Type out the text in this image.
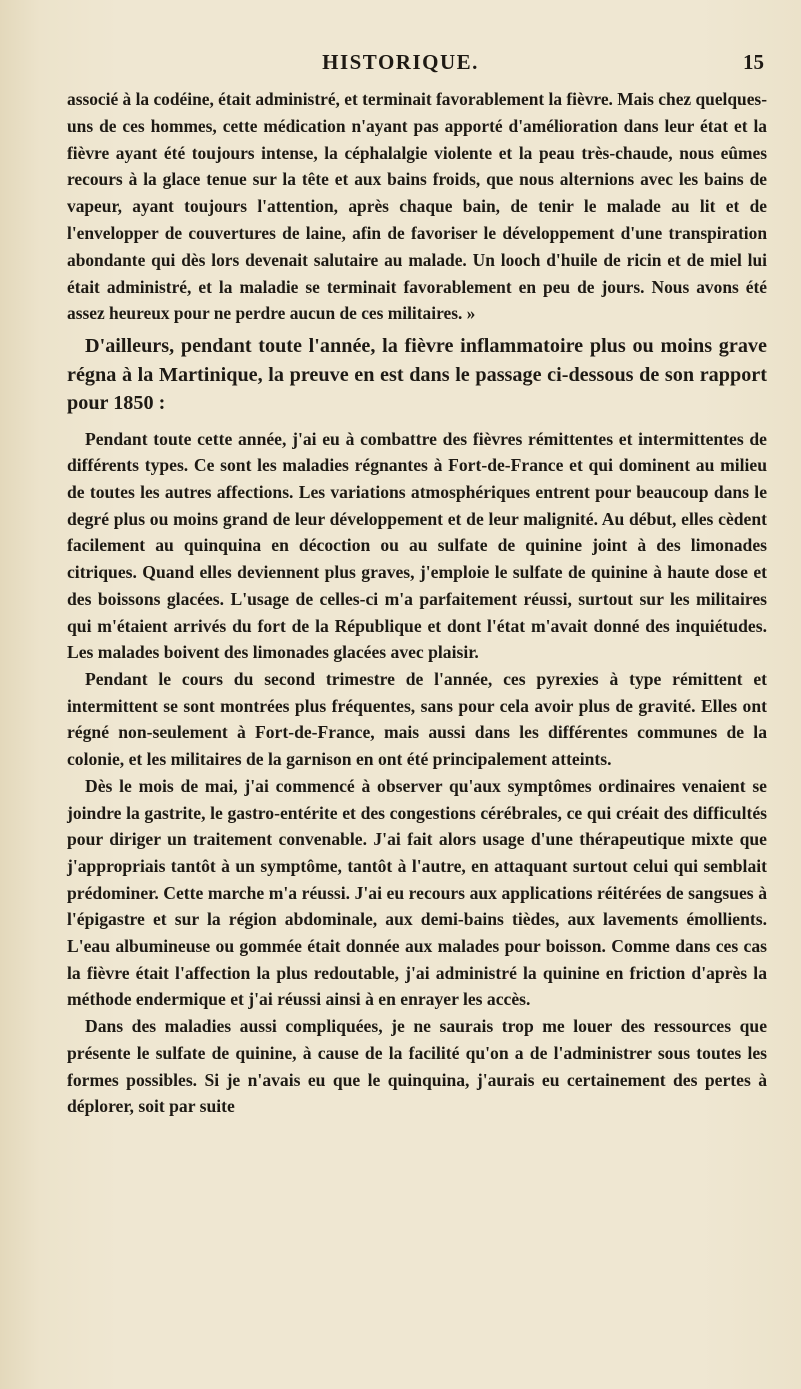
HISTORIQUE.	15

associé à la codéine, était administré, et terminait favorablement la fièvre. Mais chez quelques-uns de ces hommes, cette médication n'ayant pas apporté d'amélioration dans leur état et la fièvre ayant été toujours intense, la céphalalgie violente et la peau très-chaude, nous eûmes recours à la glace tenue sur la tête et aux bains froids, que nous alternions avec les bains de vapeur, ayant toujours l'attention, après chaque bain, de tenir le malade au lit et de l'envelopper de couvertures de laine, afin de favoriser le développement d'une transpiration abondante qui dès lors devenait salutaire au malade. Un looch d'huile de ricin et de miel lui était administré, et la maladie se terminait favorablement en peu de jours. Nous avons été assez heureux pour ne perdre aucun de ces militaires. »

D'ailleurs, pendant toute l'année, la fièvre inflammatoire plus ou moins grave régna à la Martinique, la preuve en est dans le passage ci-dessous de son rapport pour 1850 :

Pendant toute cette année, j'ai eu à combattre des fièvres rémittentes et intermittentes de différents types. Ce sont les maladies régnantes à Fort-de-France et qui dominent au milieu de toutes les autres affections. Les variations atmosphériques entrent pour beaucoup dans le degré plus ou moins grand de leur développement et de leur malignité. Au début, elles cèdent facilement au quinquina en décoction ou au sulfate de quinine joint à des limonades citriques. Quand elles deviennent plus graves, j'emploie le sulfate de quinine à haute dose et des boissons glacées. L'usage de celles-ci m'a parfaitement réussi, surtout sur les militaires qui m'étaient arrivés du fort de la République et dont l'état m'avait donné des inquiétudes. Les malades boivent des limonades glacées avec plaisir.

Pendant le cours du second trimestre de l'année, ces pyrexies à type rémittent et intermittent se sont montrées plus fréquentes, sans pour cela avoir plus de gravité. Elles ont régné non-seulement à Fort-de-France, mais aussi dans les différentes communes de la colonie, et les militaires de la garnison en ont été principalement atteints.

Dès le mois de mai, j'ai commencé à observer qu'aux symptômes ordinaires venaient se joindre la gastrite, le gastro-entérite et des congestions cérébrales, ce qui créait des difficultés pour diriger un traitement convenable. J'ai fait alors usage d'une thérapeutique mixte que j'appropriais tantôt à un symptôme, tantôt à l'autre, en attaquant surtout celui qui semblait prédominer. Cette marche m'a réussi. J'ai eu recours aux applications réitérées de sangsues à l'épigastre et sur la région abdominale, aux demi-bains tièdes, aux lavements émollients. L'eau albumineuse ou gommée était donnée aux malades pour boisson. Comme dans ces cas la fièvre était l'affection la plus redoutable, j'ai administré la quinine en friction d'après la méthode endermique et j'ai réussi ainsi à en enrayer les accès.

Dans des maladies aussi compliquées, je ne saurais trop me louer des ressources que présente le sulfate de quinine, à cause de la facilité qu'on a de l'administrer sous toutes les formes possibles. Si je n'avais eu que le quinquina, j'aurais eu certainement des pertes à déplorer, soit par suite
